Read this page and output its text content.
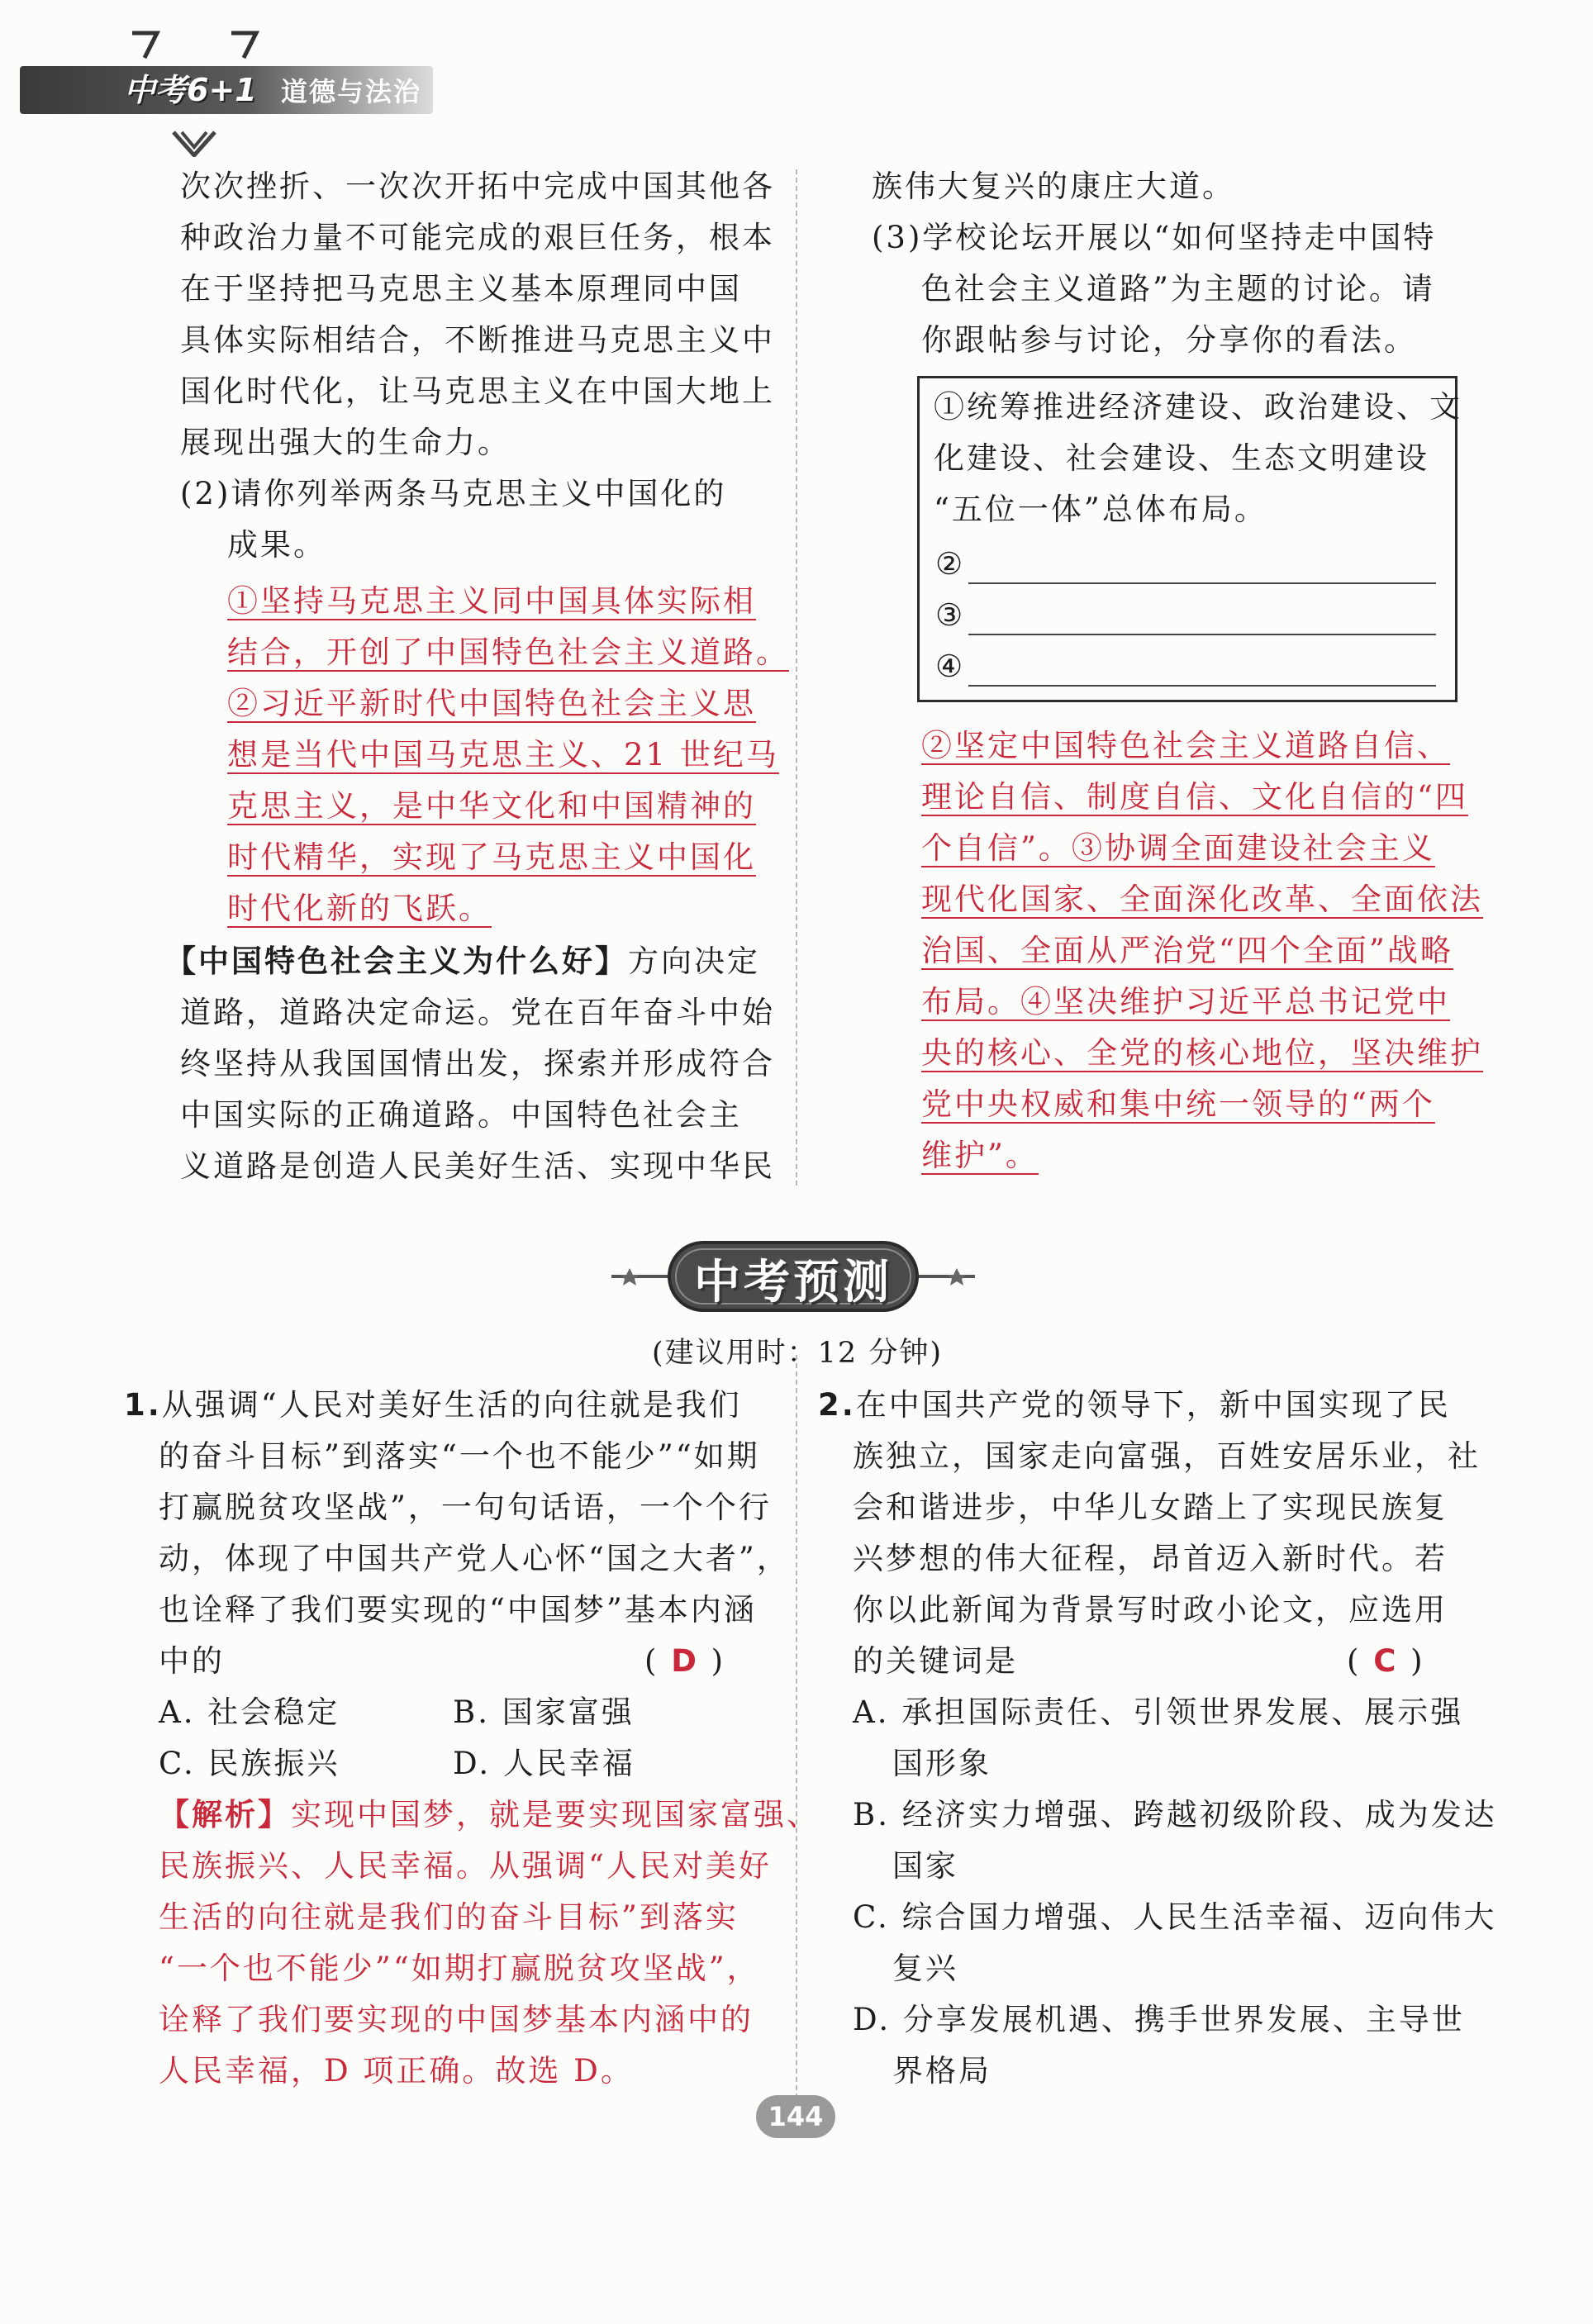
中考6+1 道德与法治
次次挫折、一次次开拓中完成中国其他各
种政治力量不可能完成的艰巨任务，根本
在于坚持把马克思主义基本原理同中国
具体实际相结合，不断推进马克思主义中
国化时代化，让马克思主义在中国大地上
展现出强大的生命力。
(2)请你列举两条马克思主义中国化的
成果。
①坚持马克思主义同中国具体实际相
结合，开创了中国特色社会主义道路。
②习近平新时代中国特色社会主义思
想是当代中国马克思主义、21 世纪马
克思主义，是中华文化和中国精神的
时代精华，实现了马克思主义中国化
时代化新的飞跃。
【中国特色社会主义为什么好】方向决定
道路，道路决定命运。党在百年奋斗中始
终坚持从我国国情出发，探索并形成符合
中国实际的正确道路。中国特色社会主
义道路是创造人民美好生活、实现中华民
族伟大复兴的康庄大道。
(3)学校论坛开展以“如何坚持走中国特
色社会主义道路”为主题的讨论。请
你跟帖参与讨论，分享你的看法。
①统筹推进经济建设、政治建设、文
化建设、社会建设、生态文明建设
“五位一体”总体布局。
②
③
④
②坚定中国特色社会主义道路自信、
理论自信、制度自信、文化自信的“四
个自信”。③协调全面建设社会主义
现代化国家、全面深化改革、全面依法
治国、全面从严治党“四个全面”战略
布局。④坚决维护习近平总书记党中
央的核心、全党的核心地位，坚决维护
党中央权威和集中统一领导的“两个
维护”。
中考预测
(建议用时：12 分钟)
1.从强调“人民对美好生活的向往就是我们
的奋斗目标”到落实“一个也不能少”“如期
打赢脱贫攻坚战”，一句句话语，一个个行
动，体现了中国共产党人心怀“国之大者”，
也诠释了我们要实现的“中国梦”基本内涵
中的	( D )
A. 社会稳定	B. 国家富强
C. 民族振兴	D. 人民幸福
【解析】实现中国梦，就是要实现国家富强、
民族振兴、人民幸福。从强调“人民对美好
生活的向往就是我们的奋斗目标”到落实
“一个也不能少”“如期打赢脱贫攻坚战”，
诠释了我们要实现的中国梦基本内涵中的
人民幸福，D 项正确。故选 D。
2.在中国共产党的领导下，新中国实现了民
族独立，国家走向富强，百姓安居乐业，社
会和谐进步，中华儿女踏上了实现民族复
兴梦想的伟大征程，昂首迈入新时代。若
你以此新闻为背景写时政小论文，应选用
的关键词是	( C )
A. 承担国际责任、引领世界发展、展示强
国形象
B. 经济实力增强、跨越初级阶段、成为发达
国家
C. 综合国力增强、人民生活幸福、迈向伟大
复兴
D. 分享发展机遇、携手世界发展、主导世
界格局
144
